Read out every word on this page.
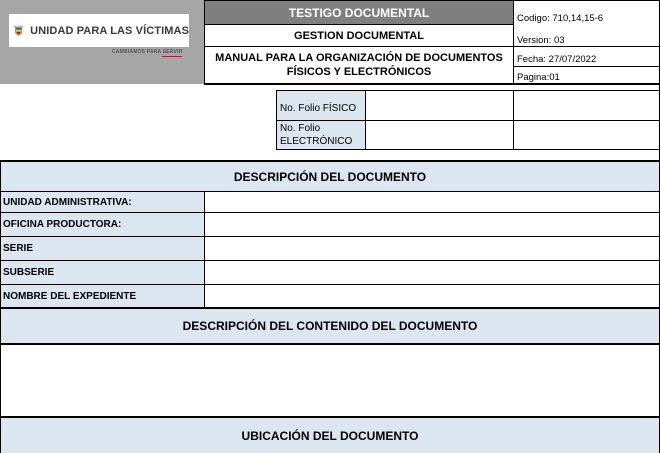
UNIDAD PARA LAS VÍCTIMAS
CAMBIAMOS PARA SERVIR
TESTIGO DOCUMENTAL
GESTION DOCUMENTAL
MANUAL PARA LA ORGANIZACIÓN DE DOCUMENTOS
FÍSICOS Y ELECTRÓNICOS
Codigo: 710,14,15-6
Version: 03
Fecha: 27/07/2022
Pagina:01
No. Folio FÍSICO
No. Folio
ELECTRÓNICO
DESCRIPCIÓN DEL DOCUMENTO
UNIDAD ADMINISTRATIVA:
OFICINA PRODUCTORA:
SERIE
SUBSERIE
NOMBRE DEL EXPEDIENTE
DESCRIPCIÓN DEL CONTENIDO DEL DOCUMENTO
UBICACIÓN DEL DOCUMENTO
